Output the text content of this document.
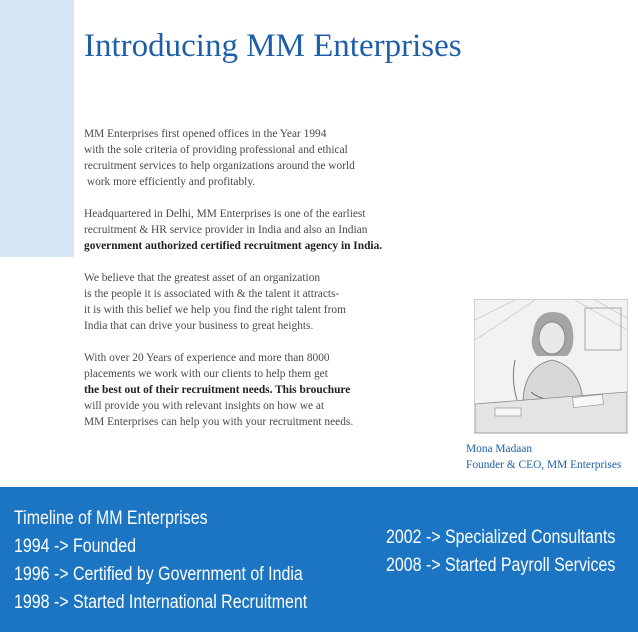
Introducing MM Enterprises

MM Enterprises first opened offices in the Year 1994
with the sole criteria of providing professional and ethical
recruitment services to help organizations around the world
work more efficiently and profitably.

Headquartered in Delhi, MM Enterprises is one of the earliest
recruitment & HR service provider in India and also an Indian
government authorized certified recruitment agency in India.

We believe that the greatest asset of an organization
is the people it is associated with & the talent it attracts-
it is with this belief we help you find the right talent from
India that can drive your business to great heights.

With over 20 Years of experience and more than 8000
placements we work with our clients to help them get
the best out of their recruitment needs. This brouchure
will provide you with relevant insights on how we at
MM Enterprises can help you with your recruitment needs.

Mona Madaan
Founder & CEO, MM Enterprises
Timeline of MM Enterprises
1994 -> Founded
1996 -> Certified by Government of India
1998 -> Started International Recruitment
2002 -> Specialized Consultants
2008 -> Started Payroll Services
